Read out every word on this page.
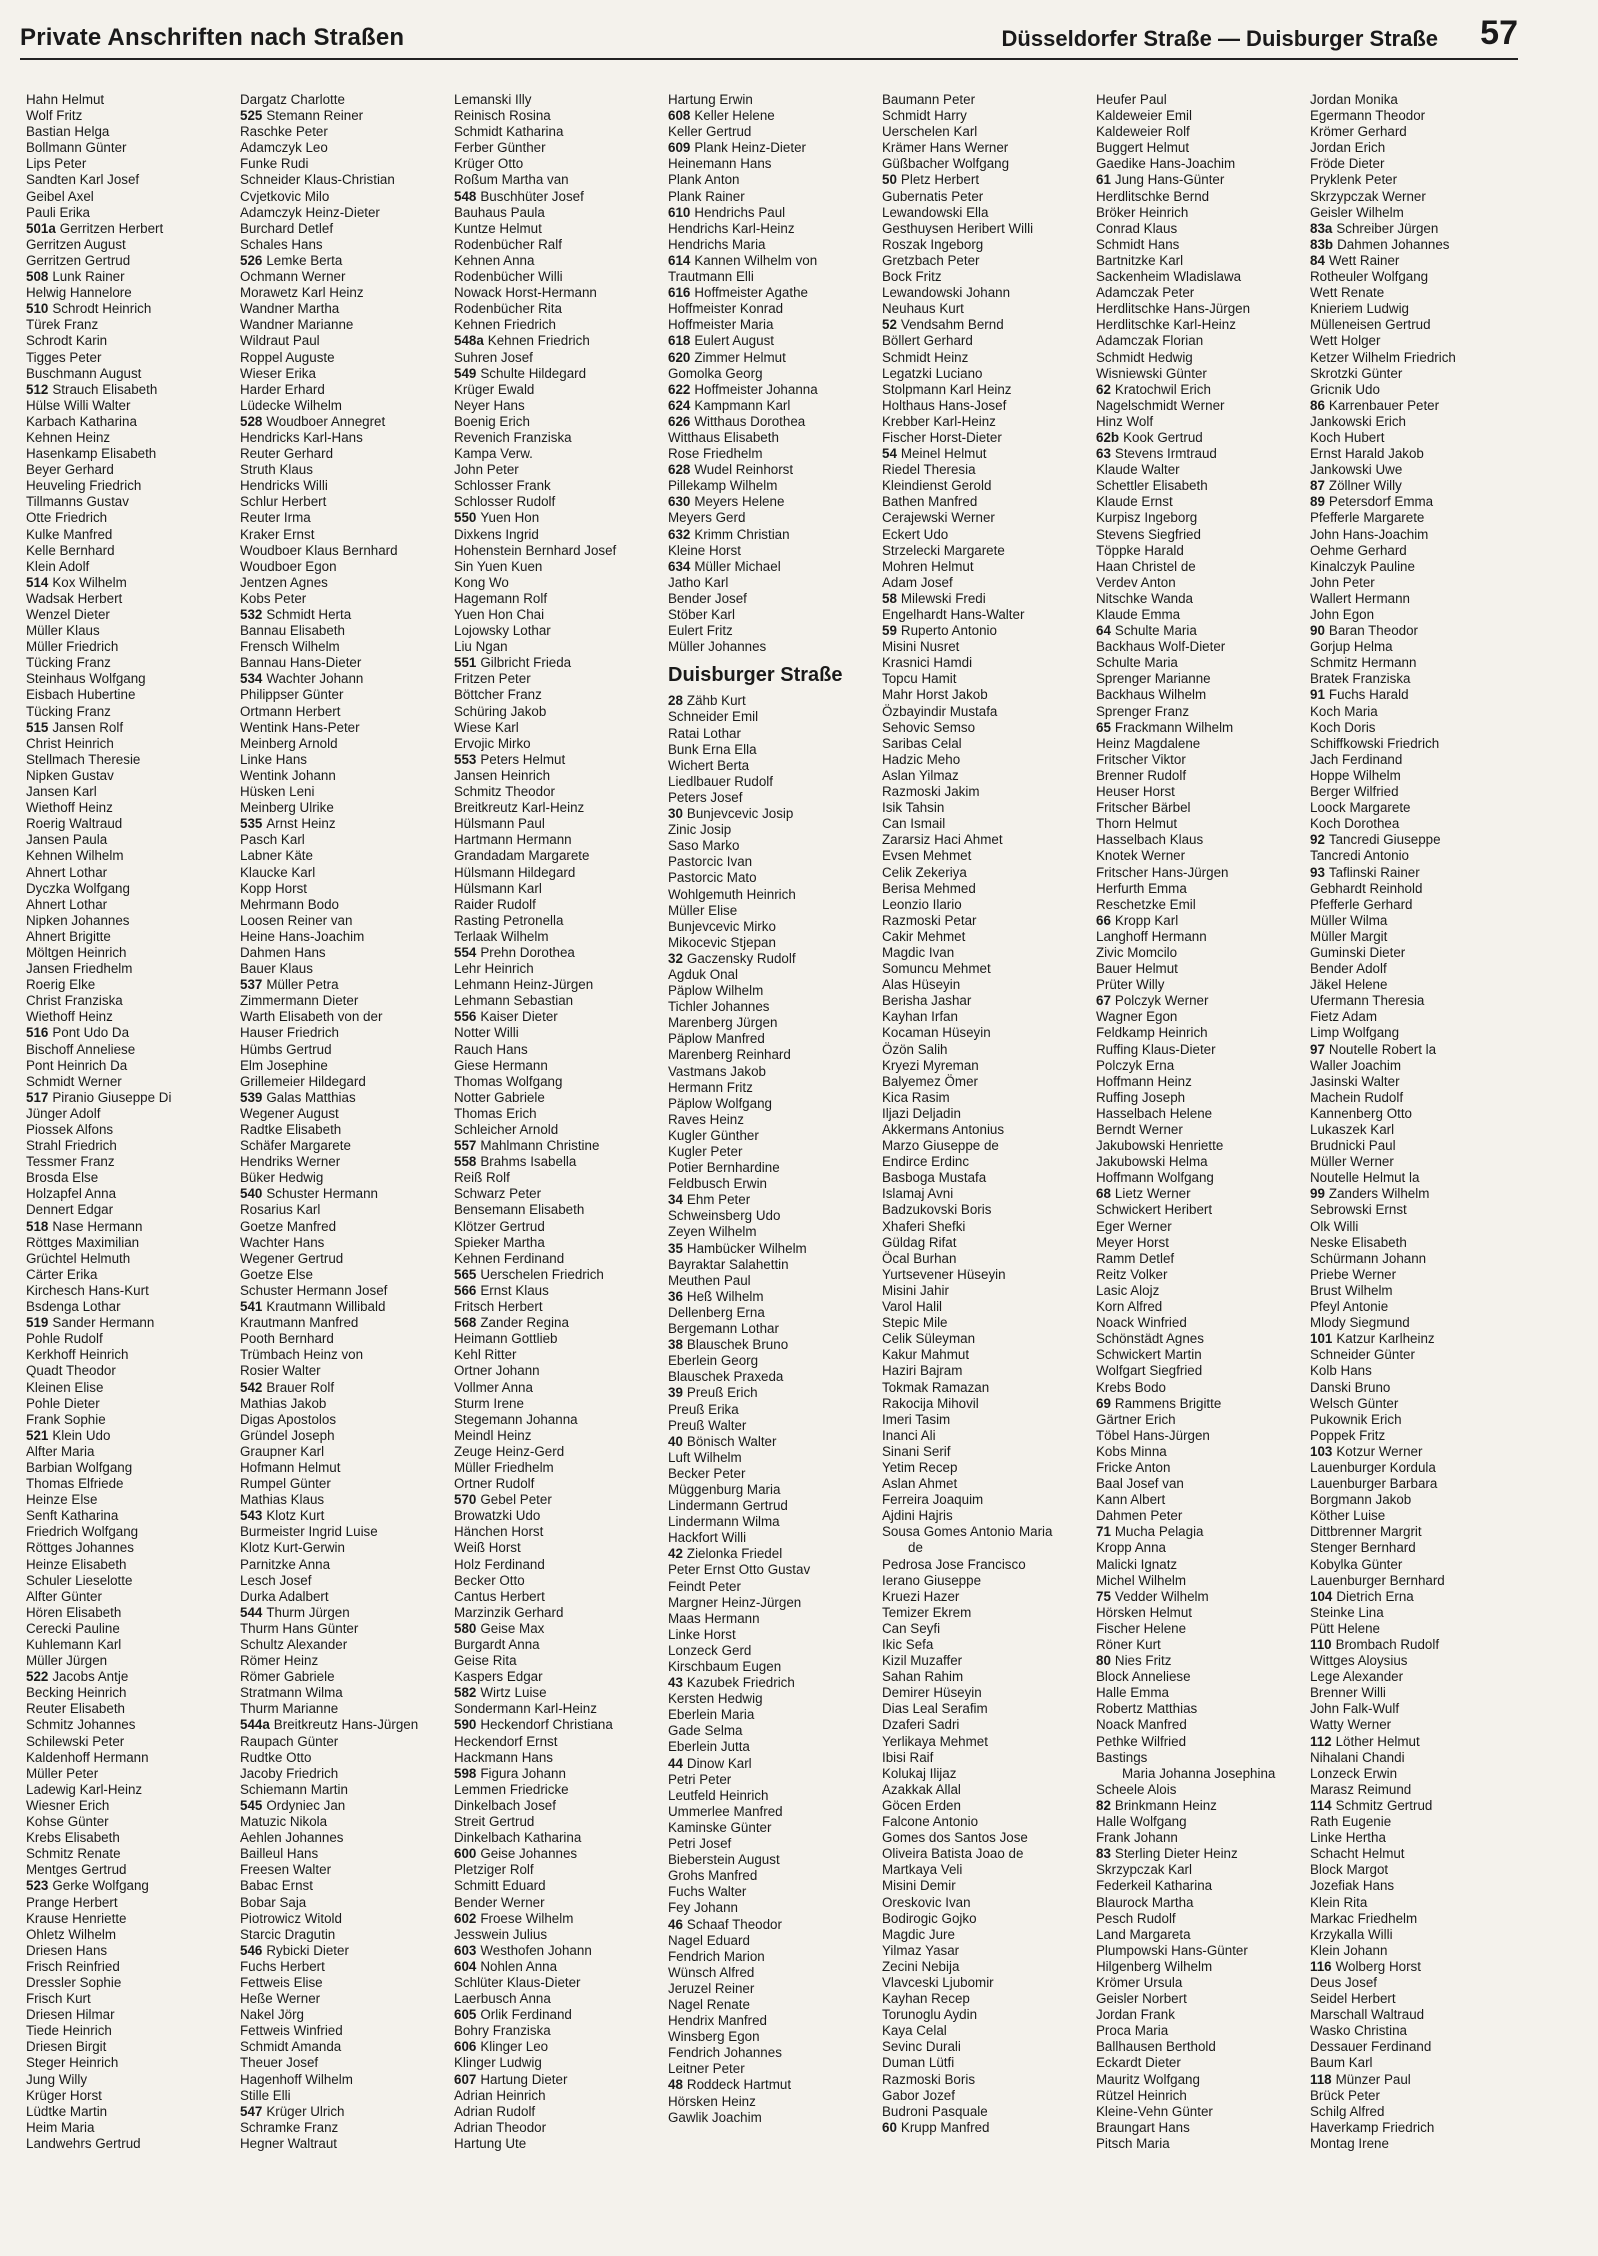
Private Anschriften nach Straßen	Düsseldorfer Straße — Duisburger Straße 57
Hahn Helmut
Wolf Fritz
Bastian Helga
Bollmann Günter
Lips Peter
Sandten Karl Josef
Geibel Axel
Pauli Erika
501a Gerritzen Herbert
Gerritzen August
Gerritzen Gertrud
508 Lunk Rainer
Helwig Hannelore
510 Schrodt Heinrich
Türek Franz
Schrodt Karin
Tigges Peter
Buschmann August
512 Strauch Elisabeth
Hülse Willi Walter
Karbach Katharina
Kehnen Heinz
Hasenkamp Elisabeth
Beyer Gerhard
Heuveling Friedrich
Tillmanns Gustav
Otte Friedrich
Kulke Manfred
Kelle Bernhard
Klein Adolf
514 Kox Wilhelm
Wadsak Herbert
Wenzel Dieter
Müller Klaus
Müller Friedrich
Tücking Franz
Steinhaus Wolfgang
Eisbach Hubertine
Tücking Franz
515 Jansen Rolf
Christ Heinrich
Stellmach Theresie
Nipken Gustav
Jansen Karl
Wiethoff Heinz
Roerig Waltraud
Jansen Paula
Kehnen Wilhelm
Ahnert Lothar
Dyczka Wolfgang
Ahnert Lothar
Nipken Johannes
Ahnert Brigitte
Möltgen Heinrich
Jansen Friedhelm
Roerig Elke
Christ Franziska
Wiethoff Heinz
516 Pont Udo Da
Bischoff Anneliese
Pont Heinrich Da
Schmidt Werner
517 Piranio Giuseppe Di
Jünger Adolf
Piossek Alfons
Strahl Friedrich
Tessmer Franz
Brosda Else
Holzapfel Anna
Dennert Edgar
518 Nase Hermann
Röttges Maximilian
Grüchtel Helmuth
Cärter Erika
Kirchesch Hans-Kurt
Bsdenga Lothar
519 Sander Hermann
Pohle Rudolf
Kerkhoff Heinrich
Quadt Theodor
Kleinen Elise
Pohle Dieter
Frank Sophie
521 Klein Udo
Alfter Maria
Barbian Wolfgang
Thomas Elfriede
Heinze Else
Senft Katharina
Friedrich Wolfgang
Röttges Johannes
Heinze Elisabeth
Schuler Lieselotte
Alfter Günter
Hören Elisabeth
Cerecki Pauline
Kuhlemann Karl
Müller Jürgen
522 Jacobs Antje
Becking Heinrich
Reuter Elisabeth
Schmitz Johannes
Schilewski Peter
Kaldenhoff Hermann
Müller Peter
Ladewig Karl-Heinz
Wiesner Erich
Kohse Günter
Krebs Elisabeth
Schmitz Renate
Mentges Gertrud
523 Gerke Wolfgang
Prange Herbert
Krause Henriette
Ohletz Wilhelm
Driesen Hans
Frisch Reinfried
Dressler Sophie
Frisch Kurt
Driesen Hilmar
Tiede Heinrich
Driesen Birgit
Steger Heinrich
Jung Willy
Krüger Horst
Lüdtke Martin
Heim Maria
Landwehrs Gertrud
Dargatz Charlotte
525 Stemann Reiner
Raschke Peter
Adamczyk Leo
Funke Rudi
Schneider Klaus-Christian
Cvjetkovic Milo
Adamczyk Heinz-Dieter
Burchard Detlef
Schales Hans
526 Lemke Berta
Ochmann Werner
Morawetz Karl Heinz
Wandner Martha
Wandner Marianne
Wildraut Paul
Roppel Auguste
Wieser Erika
Harder Erhard
Lüdecke Wilhelm
528 Woudboer Annegret
Hendricks Karl-Hans
Reuter Gerhard
Struth Klaus
Hendricks Willi
Schlur Herbert
Reuter Irma
Kraker Ernst
Woudboer Klaus Bernhard
Woudboer Egon
Jentzen Agnes
Kobs Peter
532 Schmidt Herta
Bannau Elisabeth
Frensch Wilhelm
Bannau Hans-Dieter
534 Wachter Johann
Philippser Günter
Ortmann Herbert
Wentink Hans-Peter
Meinberg Arnold
Linke Hans
Wentink Johann
Hüsken Leni
Meinberg Ulrike
535 Arnst Heinz
Pasch Karl
Labner Käte
Klaucke Karl
Kopp Horst
Mehrmann Bodo
Loosen Reiner van
Heine Hans-Joachim
Dahmen Hans
Bauer Klaus
537 Müller Petra
Zimmermann Dieter
Warth Elisabeth von der
Hauser Friedrich
Hümbs Gertrud
Elm Josephine
Grillemeier Hildegard
539 Galas Matthias
Wegener August
Radtke Elisabeth
Schäfer Margarete
Hendriks Werner
Büker Hedwig
540 Schuster Hermann
Rosarius Karl
Goetze Manfred
Wachter Hans
Wegener Gertrud
Goetze Else
Schuster Hermann Josef
541 Krautmann Willibald
Krautmann Manfred
Pooth Bernhard
Trümbach Heinz von
Rosier Walter
542 Brauer Rolf
Mathias Jakob
Digas Apostolos
Gründel Joseph
Graupner Karl
Hofmann Helmut
Rumpel Günter
Mathias Klaus
543 Klotz Kurt
Burmeister Ingrid Luise
Klotz Kurt-Gerwin
Parnitzke Anna
Lesch Josef
Durka Adalbert
544 Thurm Jürgen
Thurm Hans Günter
Schultz Alexander
Römer Heinz
Römer Gabriele
Stratmann Wilma
Thurm Marianne
544a Breitkreutz Hans-Jürgen
Raupach Günter
Rudtke Otto
Jacoby Friedrich
Schiemann Martin
545 Ordyniec Jan
Matuzic Nikola
Aehlen Johannes
Bailleul Hans
Freesen Walter
Babac Ernst
Bobar Saja
Piotrowicz Witold
Starcic Dragutin
546 Rybicki Dieter
Fuchs Herbert
Fettweis Elise
Heße Werner
Nakel Jörg
Fettweis Winfried
Schmidt Amanda
Theuer Josef
Hagenhoff Wilhelm
Stille Elli
547 Krüger Ulrich
Schramke Franz
Hegner Waltraut
Lemanski Illy
Reinisch Rosina
Schmidt Katharina
Ferber Günther
Krüger Otto
Roßum Martha van
548 Buschhüter Josef
Bauhaus Paula
Kuntze Helmut
Rodenbücher Ralf
Kehnen Anna
Rodenbücher Willi
Nowack Horst-Hermann
Rodenbücher Rita
Kehnen Friedrich
548a Kehnen Friedrich
Suhren Josef
549 Schulte Hildegard
Krüger Ewald
Neyer Hans
Boenig Erich
Revenich Franziska
Kampa Verw.
John Peter
Schlosser Frank
Schlosser Rudolf
550 Yuen Hon
Dixkens Ingrid
Hohenstein Bernhard Josef
Sin Yuen Kuen
Kong Wo
Hagemann Rolf
Yuen Hon Chai
Lojowsky Lothar
Liu Ngan
551 Gilbricht Frieda
Fritzen Peter
Böttcher Franz
Schüring Jakob
Wiese Karl
Ervojic Mirko
553 Peters Helmut
Jansen Heinrich
Schmitz Theodor
Breitkreutz Karl-Heinz
Hülsmann Paul
Hartmann Hermann
Grandadam Margarete
Hülsmann Hildegard
Hülsmann Karl
Raider Rudolf
Rasting Petronella
Terlaak Wilhelm
554 Prehn Dorothea
Lehr Heinrich
Lehmann Heinz-Jürgen
Lehmann Sebastian
556 Kaiser Dieter
Notter Willi
Rauch Hans
Giese Hermann
Thomas Wolfgang
Notter Gabriele
Thomas Erich
Schleicher Arnold
557 Mahlmann Christine
558 Brahms Isabella
Reiß Rolf
Schwarz Peter
Bensemann Elisabeth
Klötzer Gertrud
Spieker Martha
Kehnen Ferdinand
565 Uerschelen Friedrich
566 Ernst Klaus
Fritsch Herbert
568 Zander Regina
Heimann Gottlieb
Kehl Ritter
Ortner Johann
Vollmer Anna
Sturm Irene
Stegemann Johanna
Meindl Heinz
Zeuge Heinz-Gerd
Müller Friedhelm
Ortner Rudolf
570 Gebel Peter
Browatzki Udo
Hänchen Horst
Weiß Horst
Holz Ferdinand
Becker Otto
Cantus Herbert
Marzinzik Gerhard
580 Geise Max
Burgardt Anna
Geise Rita
Kaspers Edgar
582 Wirtz Luise
Sondermann Karl-Heinz
590 Heckendorf Christiana
Heckendorf Ernst
Hackmann Hans
598 Figura Johann
Lemmen Friedricke
Dinkelbach Josef
Streit Gertrud
Dinkelbach Katharina
600 Geise Johannes
Pletziger Rolf
Schmitt Eduard
Bender Werner
602 Froese Wilhelm
Jesswein Julius
603 Westhofen Johann
604 Nohlen Anna
Schlüter Klaus-Dieter
Laerbusch Anna
605 Orlik Ferdinand
Bohry Franziska
606 Klinger Leo
Klinger Ludwig
607 Hartung Dieter
Adrian Heinrich
Adrian Rudolf
Adrian Theodor
Hartung Ute
Hartung Erwin
608 Keller Helene
Keller Gertrud
609 Plank Heinz-Dieter
Heinemann Hans
Plank Anton
Plank Rainer
610 Hendrichs Paul
Hendrichs Karl-Heinz
Hendrichs Maria
614 Kannen Wilhelm von
Trautmann Elli
616 Hoffmeister Agathe
Hoffmeister Konrad
Hoffmeister Maria
618 Eulert August
620 Zimmer Helmut
Gomolka Georg
622 Hoffmeister Johanna
624 Kampmann Karl
626 Witthaus Dorothea
Witthaus Elisabeth
Rose Friedhelm
628 Wudel Reinhorst
Pillekamp Wilhelm
630 Meyers Helene
Meyers Gerd
632 Krimm Christian
Kleine Horst
634 Müller Michael
Jatho Karl
Bender Josef
Stöber Karl
Eulert Fritz
Müller Johannes
Duisburger Straße
28 Zähb Kurt
Schneider Emil
Ratai Lothar
Bunk Erna Ella
Wichert Berta
Liedlbauer Rudolf
Peters Josef
30 Bunjevcevic Josip
Zinic Josip
Saso Marko
Pastorcic Ivan
Pastorcic Mato
Wohlgemuth Heinrich
Müller Elise
Bunjevcevic Mirko
Mikocevic Stjepan
32 Gaczensky Rudolf
Agduk Onal
Päplow Wilhelm
Tichler Johannes
Marenberg Jürgen
Päplow Manfred
Marenberg Reinhard
Vastmans Jakob
Hermann Fritz
Päplow Wolfgang
Raves Heinz
Kugler Günther
Kugler Peter
Potier Bernhardine
Feldbusch Erwin
34 Ehm Peter
Schweinsberg Udo
Zeyen Wilhelm
35 Hambücker Wilhelm
Bayraktar Salahettin
Meuthen Paul
36 Heß Wilhelm
Dellenberg Erna
Bergemann Lothar
38 Blauschek Bruno
Eberlein Georg
Blauschek Praxeda
39 Preuß Erich
Preuß Erika
Preuß Walter
40 Bönisch Walter
Luft Wilhelm
Becker Peter
Müggenburg Maria
Lindermann Gertrud
Lindermann Wilma
Hackfort Willi
42 Zielonka Friedel
Peter Ernst Otto Gustav
Feindt Peter
Margner Heinz-Jürgen
Maas Hermann
Linke Horst
Lonzeck Gerd
Kirschbaum Eugen
43 Kazubek Friedrich
Kersten Hedwig
Eberlein Maria
Gade Selma
Eberlein Jutta
44 Dinow Karl
Petri Peter
Leutfeld Heinrich
Ummerlee Manfred
Kaminske Günter
Petri Josef
Bieberstein August
Grohs Manfred
Fuchs Walter
Fey Johann
46 Schaaf Theodor
Nagel Eduard
Fendrich Marion
Wünsch Alfred
Jeruzel Reiner
Nagel Renate
Hendrix Manfred
Winsberg Egon
Fendrich Johannes
Leitner Peter
48 Roddeck Hartmut
Hörsken Heinz
Gawlik Joachim
Baumann Peter
Schmidt Harry
Uerschelen Karl
Krämer Hans Werner
Güßbacher Wolfgang
50 Pletz Herbert
Gubernatis Peter
Lewandowski Ella
Gesthuysen Heribert Willi
Roszak Ingeborg
Gretzbach Peter
Bock Fritz
Lewandowski Johann
Neuhaus Kurt
52 Vendsahm Bernd
Böllert Gerhard
Schmidt Heinz
Legatzki Luciano
Stolpmann Karl Heinz
Holthaus Hans-Josef
Krebber Karl-Heinz
Fischer Horst-Dieter
54 Meinel Helmut
Riedel Theresia
Kleindienst Gerold
Bathen Manfred
Cerajewski Werner
Eckert Udo
Strzelecki Margarete
Mohren Helmut
Adam Josef
58 Milewski Fredi
Engelhardt Hans-Walter
59 Ruperto Antonio
Misini Nusret
Krasnici Hamdi
Topcu Hamit
Mahr Horst Jakob
Özbayindir Mustafa
Sehovic Semso
Saribas Celal
Hadzic Meho
Aslan Yilmaz
Razmoski Jakim
Isik Tahsin
Can Ismail
Zararsiz Haci Ahmet
Evsen Mehmet
Celik Zekeriya
Berisa Mehmed
Leonzio Ilario
Razmoski Petar
Cakir Mehmet
Magdic Ivan
Somuncu Mehmet
Alas Hüseyin
Berisha Jashar
Kayhan Irfan
Kocaman Hüseyin
Özön Salih
Kryezi Myreman
Balyemez Ömer
Kica Rasim
Iljazi Deljadin
Akkermans Antonius
Marzo Giuseppe de
Endirce Erdinc
Basboga Mustafa
Islamaj Avni
Badzukovski Boris
Xhaferi Shefki
Güldag Rifat
Öcal Burhan
Yurtsevener Hüseyin
Misini Jahir
Varol Halil
Stepic Mile
Celik Süleyman
Kakur Mahmut
Haziri Bajram
Tokmak Ramazan
Rakocija Mihovil
Imeri Tasim
Inanci Ali
Sinani Serif
Yetim Recep
Aslan Ahmet
Ferreira Joaquim
Ajdini Hajris
Sousa Gomes Antonio Maria
de
Pedrosa Jose Francisco
Ierano Giuseppe
Kruezi Hazer
Temizer Ekrem
Can Seyfi
Ikic Sefa
Kizil Muzaffer
Sahan Rahim
Demirer Hüseyin
Dias Leal Serafim
Dzaferi Sadri
Yerlikaya Mehmet
Ibisi Raif
Kolukaj Ilijaz
Azakkak Allal
Göcen Erden
Falcone Antonio
Gomes dos Santos Jose
Oliveira Batista Joao de
Martkaya Veli
Misini Demir
Oreskovic Ivan
Bodirogic Gojko
Magdic Jure
Yilmaz Yasar
Zecini Nebija
Vlavceski Ljubomir
Kayhan Recep
Torunoglu Aydin
Kaya Celal
Sevinc Durali
Duman Lütfi
Razmoski Boris
Gabor Jozef
Budroni Pasquale
60 Krupp Manfred
Heufer Paul
Kaldeweier Emil
Kaldeweier Rolf
Buggert Helmut
Gaedike Hans-Joachim
61 Jung Hans-Günter
Herdlitschke Bernd
Bröker Heinrich
Conrad Klaus
Schmidt Hans
Bartnitzke Karl
Sackenheim Wladislawa
Adamczak Peter
Herdlitschke Hans-Jürgen
Herdlitschke Karl-Heinz
Adamczak Florian
Schmidt Hedwig
Wisniewski Günter
62 Kratochwil Erich
Nagelschmidt Werner
Hinz Wolf
62b Kook Gertrud
63 Stevens Irmtraud
Klaude Walter
Schettler Elisabeth
Klaude Ernst
Kurpisz Ingeborg
Stevens Siegfried
Töppke Harald
Haan Christel de
Verdev Anton
Nitschke Wanda
Klaude Emma
64 Schulte Maria
Backhaus Wolf-Dieter
Schulte Maria
Sprenger Marianne
Backhaus Wilhelm
Sprenger Franz
65 Frackmann Wilhelm
Heinz Magdalene
Fritscher Viktor
Brenner Rudolf
Heuser Horst
Fritscher Bärbel
Thorn Helmut
Hasselbach Klaus
Knotek Werner
Fritscher Hans-Jürgen
Herfurth Emma
Reschetzke Emil
66 Kropp Karl
Langhoff Hermann
Zivic Momcilo
Bauer Helmut
Prüter Willy
67 Polczyk Werner
Wagner Egon
Feldkamp Heinrich
Ruffing Klaus-Dieter
Polczyk Erna
Hoffmann Heinz
Ruffing Joseph
Hasselbach Helene
Berndt Werner
Jakubowski Henriette
Jakubowski Helma
Hoffmann Wolfgang
68 Lietz Werner
Schwickert Heribert
Eger Werner
Meyer Horst
Ramm Detlef
Reitz Volker
Lasic Alojz
Korn Alfred
Noack Winfried
Schönstädt Agnes
Schwickert Martin
Wolfgart Siegfried
Krebs Bodo
69 Rammens Brigitte
Gärtner Erich
Töbel Hans-Jürgen
Kobs Minna
Fricke Anton
Baal Josef van
Kann Albert
Dahmen Peter
71 Mucha Pelagia
Kropp Anna
Malicki Ignatz
Michel Wilhelm
75 Vedder Wilhelm
Hörsken Helmut
Fischer Helene
Röner Kurt
80 Nies Fritz
Block Anneliese
Halle Emma
Robertz Matthias
Noack Manfred
Pethke Wilfried
Bastings
Maria Johanna Josephina
Scheele Alois
82 Brinkmann Heinz
Halle Wolfgang
Frank Johann
83 Sterling Dieter Heinz
Skrzypczak Karl
Federkeil Katharina
Blaurock Martha
Pesch Rudolf
Land Margareta
Plumpowski Hans-Günter
Hilgenberg Wilhelm
Krömer Ursula
Geisler Norbert
Jordan Frank
Proca Maria
Ballhausen Berthold
Eckardt Dieter
Mauritz Wolfgang
Rützel Heinrich
Kleine-Vehn Günter
Braungart Hans
Pitsch Maria
Jordan Monika
Egermann Theodor
Krömer Gerhard
Jordan Erich
Fröde Dieter
Pryklenk Peter
Skrzypczak Werner
Geisler Wilhelm
83a Schreiber Jürgen
83b Dahmen Johannes
84 Wett Rainer
Rotheuler Wolfgang
Wett Renate
Knieriem Ludwig
Mülleneisen Gertrud
Wett Holger
Ketzer Wilhelm Friedrich
Skrotzki Günter
Gricnik Udo
86 Karrenbauer Peter
Jankowski Erich
Koch Hubert
Ernst Harald Jakob
Jankowski Uwe
87 Zöllner Willy
89 Petersdorf Emma
Pfefferle Margarete
John Hans-Joachim
Oehme Gerhard
Kinalczyk Pauline
John Peter
Wallert Hermann
John Egon
90 Baran Theodor
Gorjup Helma
Schmitz Hermann
Bratek Franziska
91 Fuchs Harald
Koch Maria
Koch Doris
Schiffkowski Friedrich
Jach Ferdinand
Hoppe Wilhelm
Berger Wilfried
Loock Margarete
Koch Dorothea
92 Tancredi Giuseppe
Tancredi Antonio
93 Taflinski Rainer
Gebhardt Reinhold
Pfefferle Gerhard
Müller Wilma
Müller Margit
Guminski Dieter
Bender Adolf
Jäkel Helene
Ufermann Theresia
Fietz Adam
Limp Wolfgang
97 Noutelle Robert la
Waller Joachim
Jasinski Walter
Machein Rudolf
Kannenberg Otto
Lukaszek Karl
Brudnicki Paul
Müller Werner
Noutelle Helmut la
99 Zanders Wilhelm
Sebrowski Ernst
Olk Willi
Neske Elisabeth
Schürmann Johann
Priebe Werner
Brust Wilhelm
Pfeyl Antonie
Mlody Siegmund
101 Katzur Karlheinz
Schneider Günter
Kolb Hans
Danski Bruno
Welsch Günter
Pukownik Erich
Poppek Fritz
103 Kotzur Werner
Lauenburger Kordula
Lauenburger Barbara
Borgmann Jakob
Köther Luise
Dittbrenner Margrit
Stenger Bernhard
Kobylka Günter
Lauenburger Bernhard
104 Dietrich Erna
Steinke Lina
Pütt Helene
110 Brombach Rudolf
Wittges Aloysius
Lege Alexander
Brenner Willi
John Falk-Wulf
Watty Werner
112 Löther Helmut
Nihalani Chandi
Lonzeck Erwin
Marasz Reimund
114 Schmitz Gertrud
Rath Eugenie
Linke Hertha
Schacht Helmut
Block Margot
Jozefiak Hans
Klein Rita
Markac Friedhelm
Krzykalla Willi
Klein Johann
116 Wolberg Horst
Deus Josef
Seidel Herbert
Marschall Waltraud
Wasko Christina
Dessauer Ferdinand
Baum Karl
118 Münzer Paul
Brück Peter
Schilg Alfred
Haverkamp Friedrich
Montag Irene
